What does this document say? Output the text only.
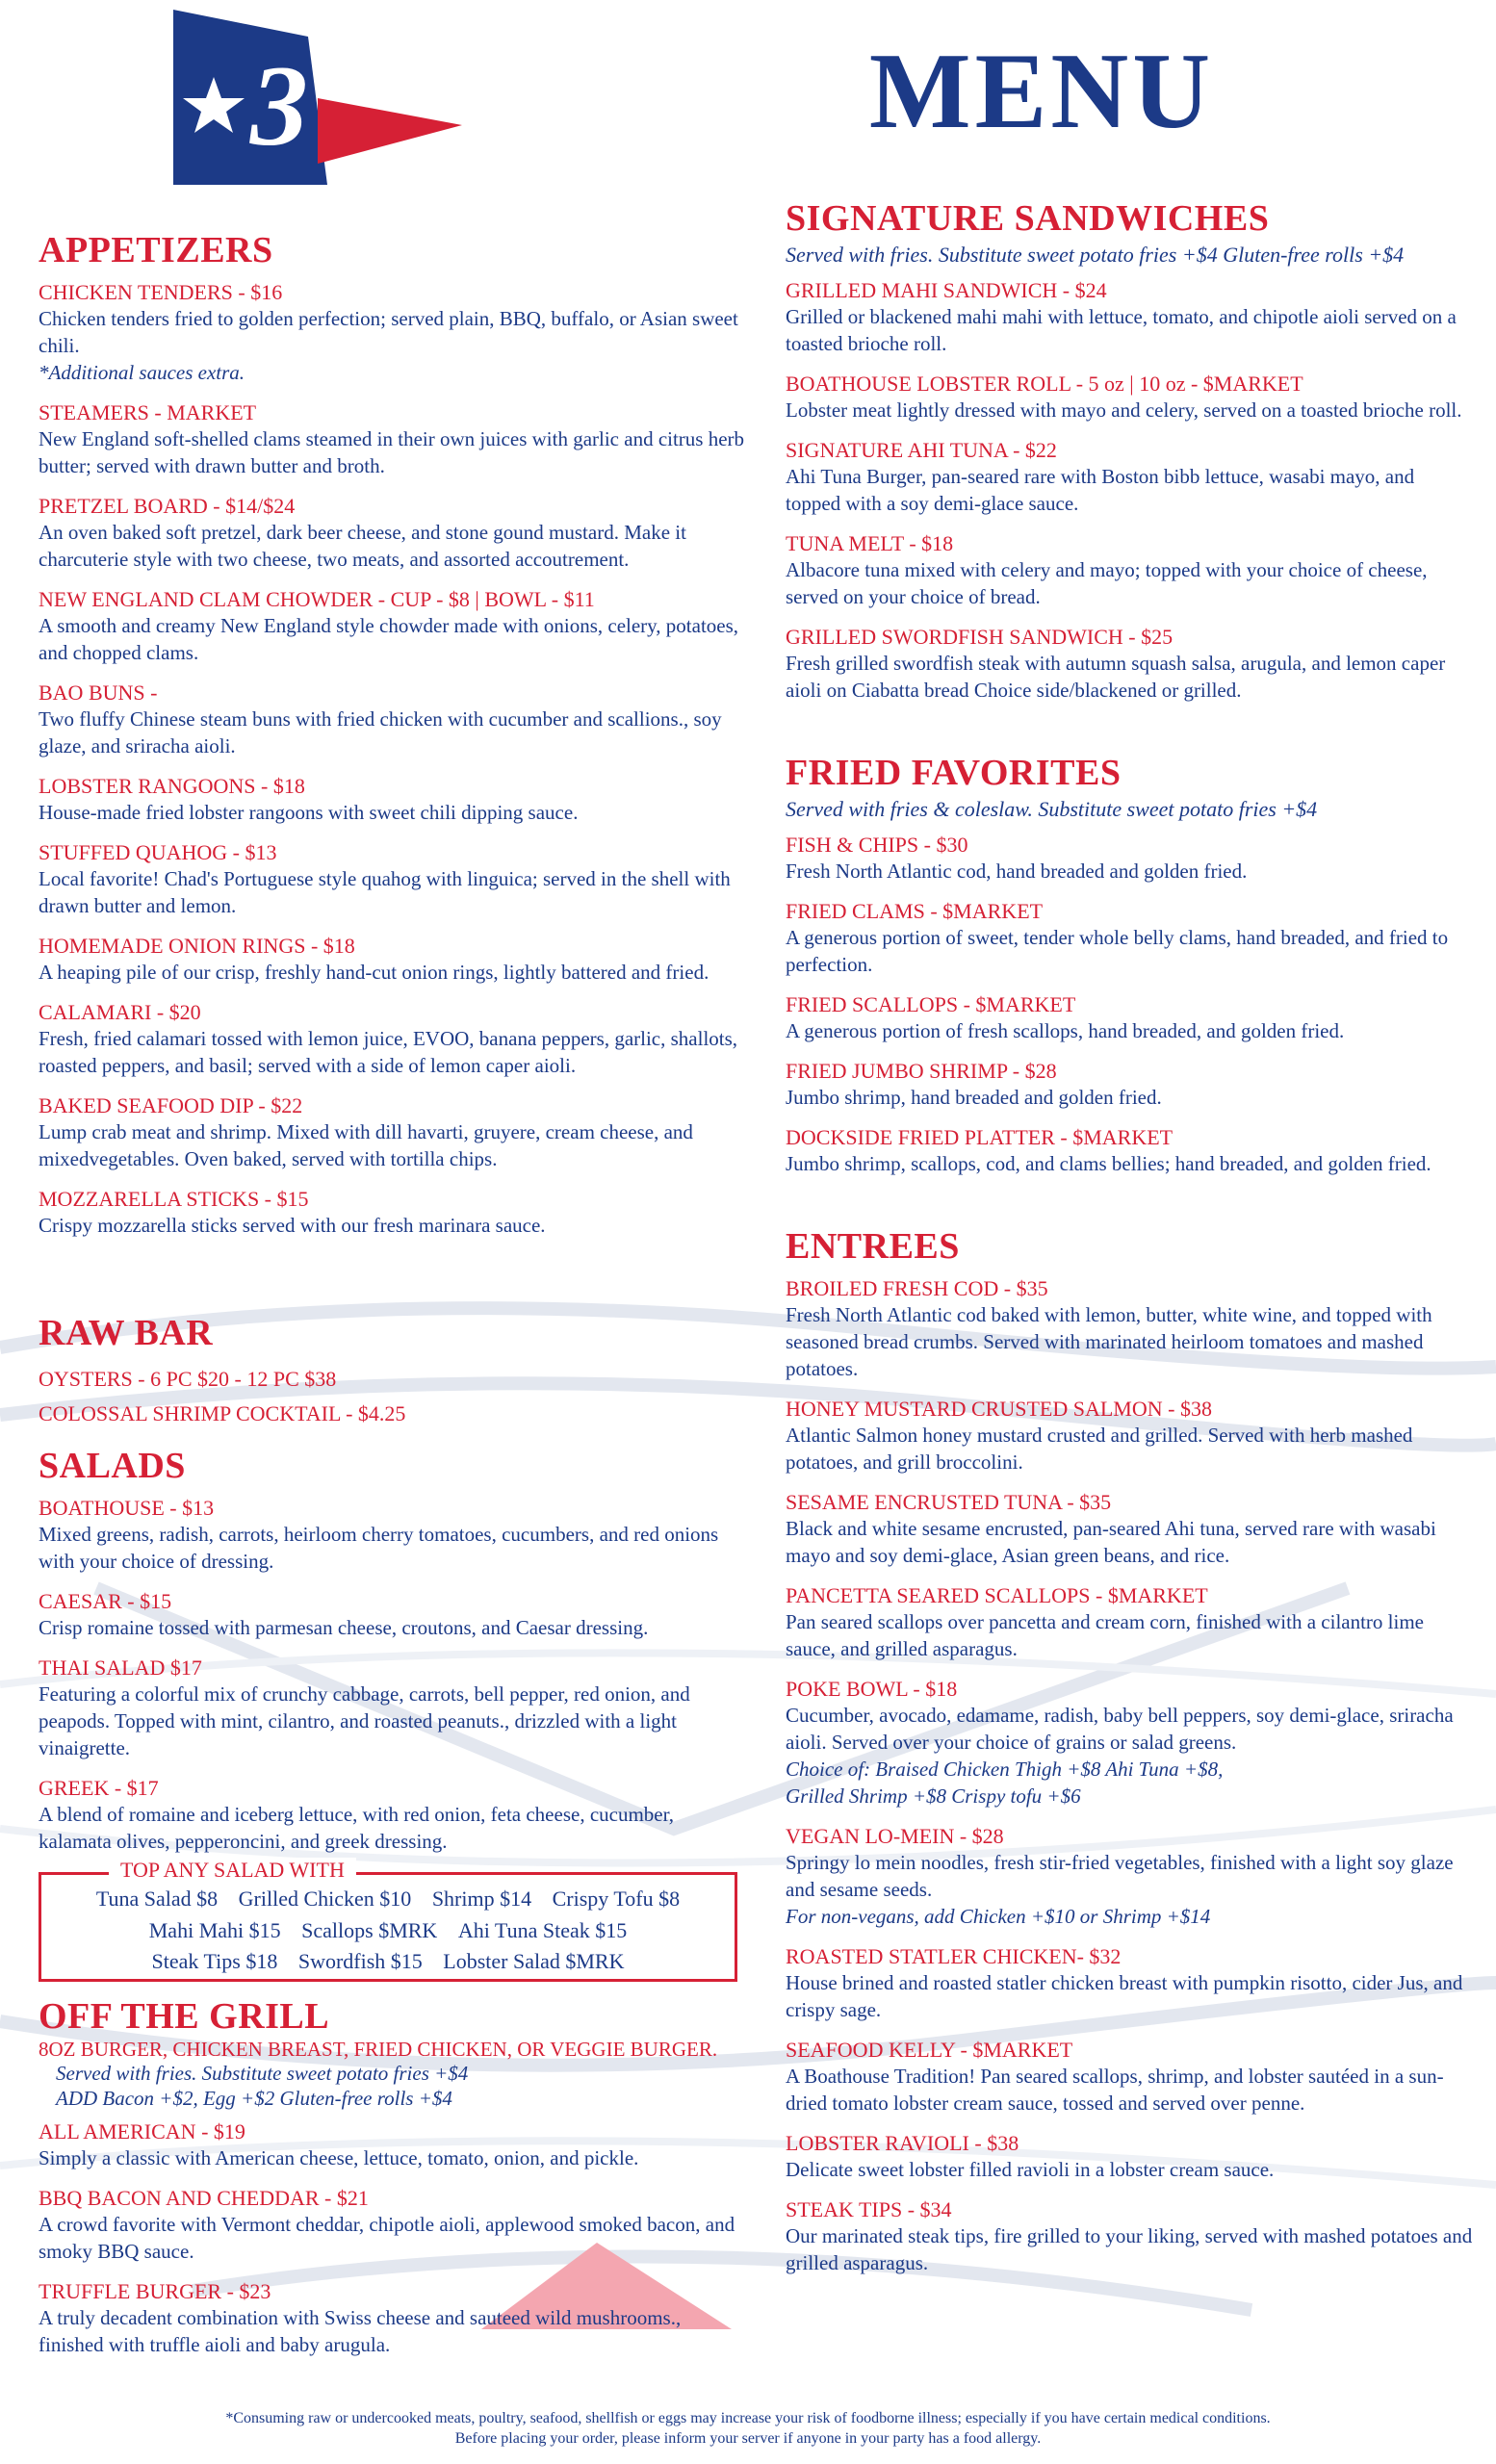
3	MENU
APPETIZERS
CHICKEN TENDERS - $16
Chicken tenders fried to golden perfection; served plain, BBQ, buffalo, or Asian sweet chili.
*Additional sauces extra.
STEAMERS - MARKET
New England soft-shelled clams steamed in their own juices with garlic and citrus herb butter; served with drawn butter and broth.
PRETZEL BOARD - $14/$24
An oven baked soft pretzel, dark beer cheese, and stone gound mustard. Make it charcuterie style with two cheese, two meats, and assorted accoutrement.
NEW ENGLAND CLAM CHOWDER - CUP - $8 | BOWL - $11
A smooth and creamy New England style chowder made with onions, celery, potatoes, and chopped clams.
BAO BUNS -
Two fluffy Chinese steam buns with fried chicken with cucumber and scallions., soy glaze, and sriracha aioli.
LOBSTER RANGOONS - $18
House-made fried lobster rangoons with sweet chili dipping sauce.
STUFFED QUAHOG - $13
Local favorite! Chad's Portuguese style quahog with linguica; served in the shell with drawn butter and lemon.
HOMEMADE ONION RINGS - $18
A heaping pile of our crisp, freshly hand-cut onion rings, lightly battered and fried.
CALAMARI - $20
Fresh, fried calamari tossed with lemon juice, EVOO, banana peppers, garlic, shallots, roasted peppers, and basil; served with a side of lemon caper aioli.
BAKED SEAFOOD DIP - $22
Lump crab meat and shrimp. Mixed with dill havarti, gruyere, cream cheese, and mixedvegetables. Oven baked, served with tortilla chips.
MOZZARELLA STICKS - $15
Crispy mozzarella sticks served with our fresh marinara sauce.
RAW BAR
OYSTERS - 6 PC $20 - 12 PC $38
COLOSSAL SHRIMP COCKTAIL - $4.25
SALADS
BOATHOUSE - $13
Mixed greens, radish, carrots, heirloom cherry tomatoes, cucumbers, and red onions with your choice of dressing.
CAESAR - $15
Crisp romaine tossed with parmesan cheese, croutons, and Caesar dressing.
THAI SALAD $17
Featuring a colorful mix of crunchy cabbage, carrots, bell pepper, red onion, and peapods. Topped with mint, cilantro, and roasted peanuts., drizzled with a light vinaigrette.
GREEK - $17
A blend of romaine and iceberg lettuce, with red onion, feta cheese, cucumber, kalamata olives, pepperoncini, and greek dressing.
TOP ANY SALAD WITH
Tuna Salad $8 Grilled Chicken $10 Shrimp $14 Crispy Tofu $8
Mahi Mahi $15 Scallops $MRK Ahi Tuna Steak $15
Steak Tips $18 Swordfish $15 Lobster Salad $MRK
OFF THE GRILL
8OZ BURGER, CHICKEN BREAST, FRIED CHICKEN, OR VEGGIE BURGER.
Served with fries. Substitute sweet potato fries +$4
ADD Bacon +$2, Egg +$2 Gluten-free rolls +$4
ALL AMERICAN - $19
Simply a classic with American cheese, lettuce, tomato, onion, and pickle.
BBQ BACON AND CHEDDAR - $21
A crowd favorite with Vermont cheddar, chipotle aioli, applewood smoked bacon, and smoky BBQ sauce.
TRUFFLE BURGER - $23
A truly decadent combination with Swiss cheese and sauteed wild mushrooms., finished with truffle aioli and baby arugula.
SIGNATURE SANDWICHES
Served with fries. Substitute sweet potato fries +$4 Gluten-free rolls +$4
GRILLED MAHI SANDWICH - $24
Grilled or blackened mahi mahi with lettuce, tomato, and chipotle aioli served on a toasted brioche roll.
BOATHOUSE LOBSTER ROLL - 5 oz | 10 oz - $MARKET
Lobster meat lightly dressed with mayo and celery, served on a toasted brioche roll.
SIGNATURE AHI TUNA - $22
Ahi Tuna Burger, pan-seared rare with Boston bibb lettuce, wasabi mayo, and topped with a soy demi-glace sauce.
TUNA MELT - $18
Albacore tuna mixed with celery and mayo; topped with your choice of cheese, served on your choice of bread.
GRILLED SWORDFISH SANDWICH - $25
Fresh grilled swordfish steak with autumn squash salsa, arugula, and lemon caper aioli on Ciabatta bread Choice side/blackened or grilled.
FRIED FAVORITES
Served with fries & coleslaw. Substitute sweet potato fries +$4
FISH & CHIPS - $30
Fresh North Atlantic cod, hand breaded and golden fried.
FRIED CLAMS - $MARKET
A generous portion of sweet, tender whole belly clams, hand breaded, and fried to perfection.
FRIED SCALLOPS - $MARKET
A generous portion of fresh scallops, hand breaded, and golden fried.
FRIED JUMBO SHRIMP - $28
Jumbo shrimp, hand breaded and golden fried.
DOCKSIDE FRIED PLATTER - $MARKET
Jumbo shrimp, scallops, cod, and clams bellies; hand breaded, and golden fried.
ENTREES
BROILED FRESH COD - $35
Fresh North Atlantic cod baked with lemon, butter, white wine, and topped with seasoned bread crumbs. Served with marinated heirloom tomatoes and mashed potatoes.
HONEY MUSTARD CRUSTED SALMON - $38
Atlantic Salmon honey mustard crusted and grilled. Served with herb mashed potatoes, and grill broccolini.
SESAME ENCRUSTED TUNA - $35
Black and white sesame encrusted, pan-seared Ahi tuna, served rare with wasabi mayo and soy demi-glace, Asian green beans, and rice.
PANCETTA SEARED SCALLOPS - $MARKET
Pan seared scallops over pancetta and cream corn, finished with a cilantro lime sauce, and grilled asparagus.
POKE BOWL - $18
Cucumber, avocado, edamame, radish, baby bell peppers, soy demi-glace, sriracha aioli. Served over your choice of grains or salad greens.
Choice of: Braised Chicken Thigh +$8 Ahi Tuna +$8,
Grilled Shrimp +$8 Crispy tofu +$6
VEGAN LO-MEIN - $28
Springy lo mein noodles, fresh stir-fried vegetables, finished with a light soy glaze and sesame seeds.
For non-vegans, add Chicken +$10 or Shrimp +$14
ROASTED STATLER CHICKEN- $32
House brined and roasted statler chicken breast with pumpkin risotto, cider Jus, and crispy sage.
SEAFOOD KELLY - $MARKET
A Boathouse Tradition! Pan seared scallops, shrimp, and lobster sautéed in a sun-dried tomato lobster cream sauce, tossed and served over penne.
LOBSTER RAVIOLI - $38
Delicate sweet lobster filled ravioli in a lobster cream sauce.
STEAK TIPS - $34
Our marinated steak tips, fire grilled to your liking, served with mashed potatoes and grilled asparagus.
*Consuming raw or undercooked meats, poultry, seafood, shellfish or eggs may increase your risk of foodborne illness; especially if you have certain medical conditions.
Before placing your order, please inform your server if anyone in your party has a food allergy.
